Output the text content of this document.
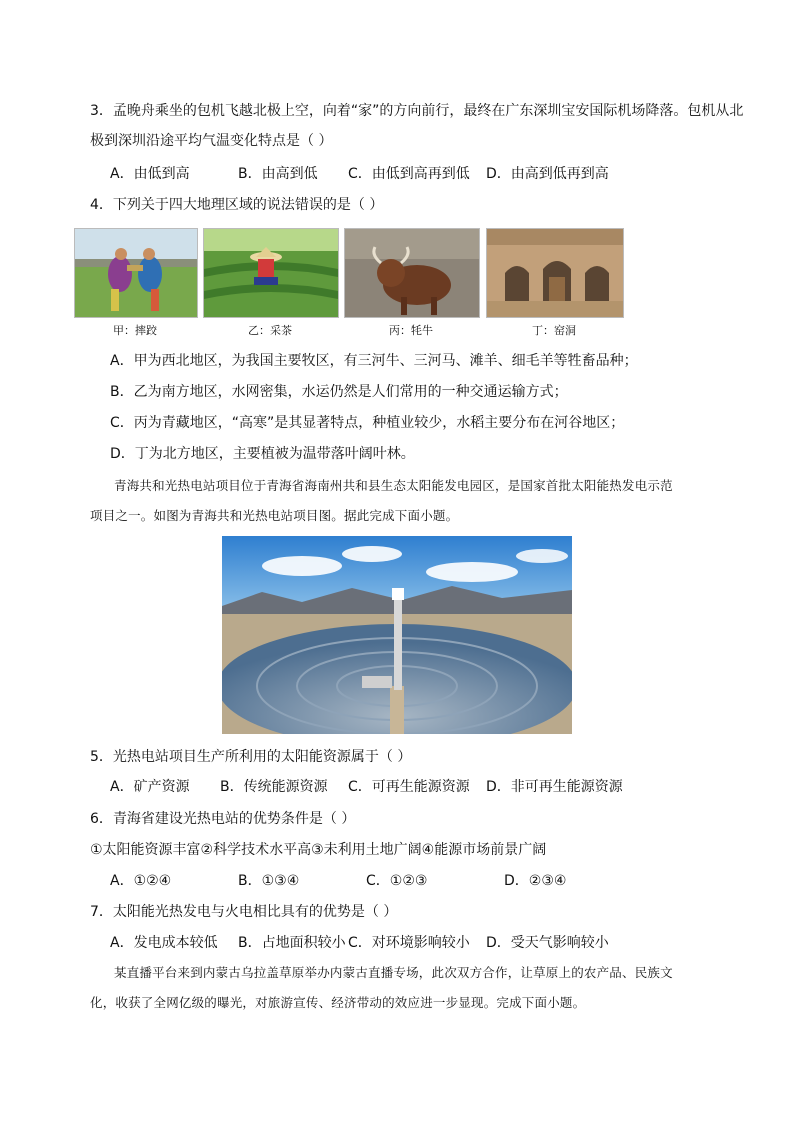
3．孟晚舟乘坐的包机飞越北极上空，向着“家”的方向前行，最终在广东深圳宝安国际机场降落。包机从北
极到深圳沿途平均气温变化特点是（ ）
A．由低到高	B．由高到低 C．由低到高再到低 D．由高到低再到高
4．下列关于四大地理区域的说法错误的是（ ）
甲：摔跤	乙：采茶	丙：牦牛	丁：窑洞
A．甲为西北地区，为我国主要牧区，有三河牛、三河马、滩羊、细毛羊等牲畜品种；
B．乙为南方地区，水网密集，水运仍然是人们常用的一种交通运输方式；
C．丙为青藏地区，“高寒”是其显著特点，种植业较少，水稻主要分布在河谷地区；
D．丁为北方地区，主要植被为温带落叶阔叶林。
青海共和光热电站项目位于青海省海南州共和县生态太阳能发电园区，是国家首批太阳能热发电示范
项目之一。如图为青海共和光热电站项目图。据此完成下面小题。
5．光热电站项目生产所利用的太阳能资源属于（ ）
A．矿产资源 B．传统能源资源 C．可再生能源资源 D．非可再生能源资源
6．青海省建设光热电站的优势条件是（ ）
①太阳能资源丰富②科学技术水平高③未利用土地广阔④能源市场前景广阔
A．①②④	B．①③④	C．①②③	D．②③④
7．太阳能光热发电与火电相比具有的优势是（ ）
A．发电成本较低 B．占地面积较小 C．对环境影响较小 D．受天气影响较小
某直播平台来到内蒙古乌拉盖草原举办内蒙古直播专场，此次双方合作，让草原上的农产品、民族文
化，收获了全网亿级的曝光，对旅游宣传、经济带动的效应进一步显现。完成下面小题。
